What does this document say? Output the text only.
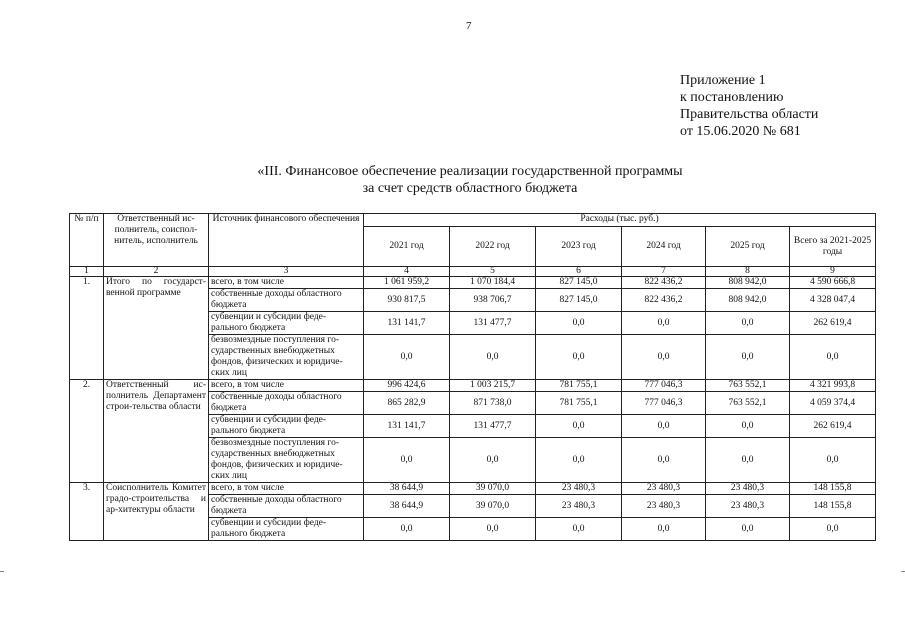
7
Приложение 1
к постановлению
Правительства области
от 15.06.2020 № 681
«III. Финансовое обеспечение реализации государственной программы
за счет средств областного бюджета
№ п/п	Ответственный ис-полнитель, соиспол-нитель, исполнитель	Источник финансового обеспечения	Расходы (тыс. руб.)					
			2021 год	2022 год	2023 год	2024 год	2025 год	Всего за 2021-2025 годы
1	2	3	4	5	6	7	8	9
1.	Итого по государст-венной программе	всего, в том числе	1 061 959,2	1 070 184,4	827 145,0	822 436,2	808 942,0	4 590 666,8
		собственные доходы областного бюджета	930 817,5	938 706,7	827 145,0	822 436,2	808 942,0	4 328 047,4
		субвенции и субсидии феде-рального бюджета	131 141,7	131 477,7	0,0	0,0	0,0	262 619,4
		безвозмездные поступления го-сударственных внебюджетных фондов, физических и юридиче-ских лиц	0,0	0,0	0,0	0,0	0,0	0,0
2.	Ответственный ис-полнитель Департамент строи-тельства области	всего, в том числе	996 424,6	1 003 215,7	781 755,1	777 046,3	763 552,1	4 321 993,8
		собственные доходы областного бюджета	865 282,9	871 738,0	781 755,1	777 046,3	763 552,1	4 059 374,4
		субвенции и субсидии феде-рального бюджета	131 141,7	131 477,7	0,0	0,0	0,0	262 619,4
		безвозмездные поступления го-сударственных внебюджетных фондов, физических и юридиче-ских лиц	0,0	0,0	0,0	0,0	0,0	0,0
3.	Соисполнитель Комитет градо-строительства и ар-хитектуры области	всего, в том числе	38 644,9	39 070,0	23 480,3	23 480,3	23 480,3	148 155,8
		собственные доходы областного бюджета	38 644,9	39 070,0	23 480,3	23 480,3	23 480,3	148 155,8
		субвенции и субсидии феде-рального бюджета	0,0	0,0	0,0	0,0	0,0	0,0
